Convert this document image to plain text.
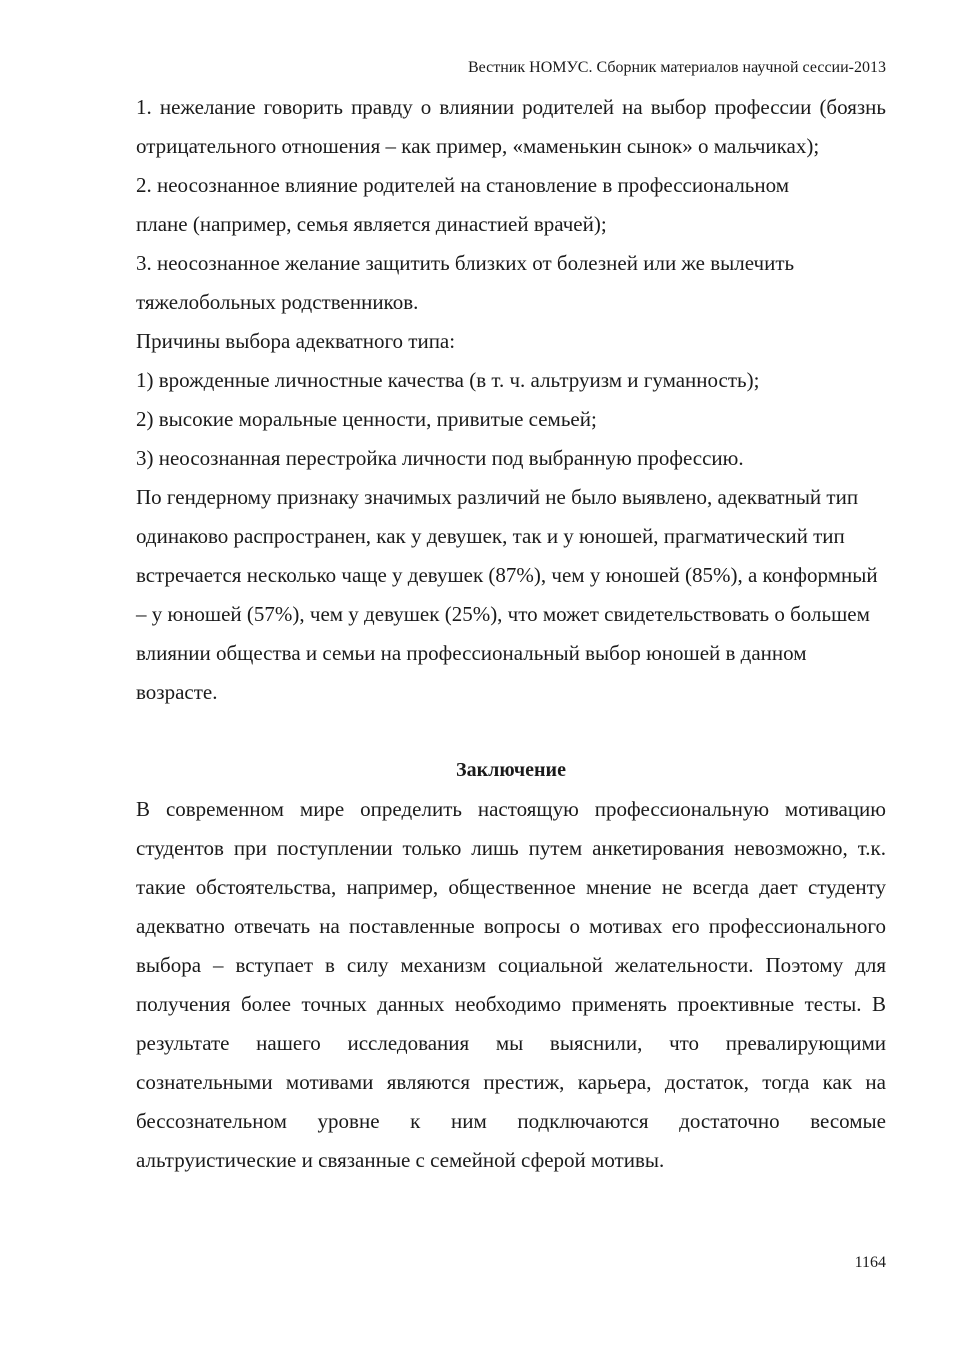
Вестник НОМУС. Сборник материалов научной сессии-2013

1. нежелание говорить правду о влиянии родителей на выбор профессии (боязнь отрицательного отношения – как пример, «маменькин сынок» о мальчиках);

2. неосознанное влияние родителей на становление в профессиональном плане (например, семья является династией врачей);

3. неосознанное желание защитить близких от болезней или же вылечить тяжелобольных родственников.

Причины выбора адекватного типа:

1) врожденные личностные качества (в т. ч. альтруизм и гуманность);

2) высокие моральные ценности, привитые семьей;

3) неосознанная перестройка личности под выбранную профессию.

По гендерному признаку значимых различий не было выявлено, адекватный тип одинаково распространен, как у девушек, так и у юношей, прагматический тип встречается несколько чаще у девушек (87%), чем у юношей (85%), а конформный – у юношей (57%), чем у девушек (25%), что может свидетельствовать о большем влиянии общества и семьи на профессиональный выбор юношей в данном возрасте.

Заключение

В современном мире определить настоящую профессиональную мотивацию студентов при поступлении только лишь путем анкетирования невозможно, т.к. такие обстоятельства, например, общественное мнение не всегда дает студенту адекватно отвечать на поставленные вопросы о мотивах его профессионального выбора – вступает в силу механизм социальной желательности. Поэтому для получения более точных данных необходимо применять проективные тесты. В результате нашего исследования мы выяснили, что превалирующими сознательными мотивами являются престиж, карьера, достаток, тогда как на бессознательном уровне к ним подключаются достаточно весомые альтруистические и связанные с семейной сферой мотивы.

1164
